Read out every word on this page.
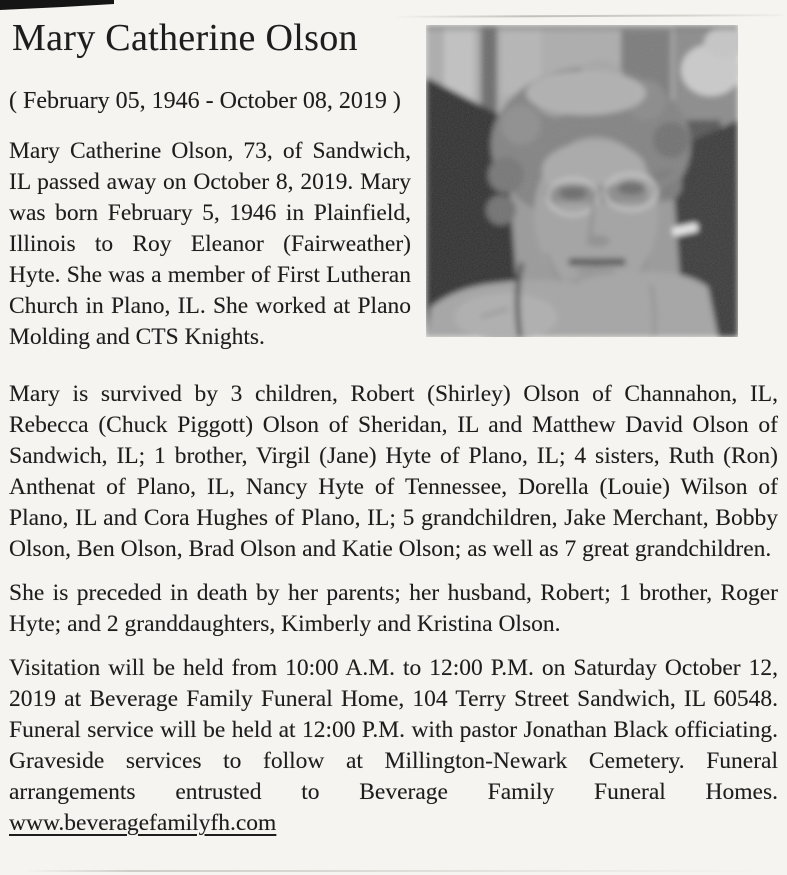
Mary Catherine Olson

( February 05, 1946 - October 08, 2019 )

Mary Catherine Olson, 73, of Sandwich, IL passed away on October 8, 2019. Mary was born February 5, 1946 in Plainfield, Illinois to Roy Eleanor (Fairweather) Hyte. She was a member of First Lutheran Church in Plano, IL. She worked at Plano Molding and CTS Knights.

Mary is survived by 3 children, Robert (Shirley) Olson of Channahon, IL, Rebecca (Chuck Piggott) Olson of Sheridan, IL and Matthew David Olson of Sandwich, IL; 1 brother, Virgil (Jane) Hyte of Plano, IL; 4 sisters, Ruth (Ron) Anthenat of Plano, IL, Nancy Hyte of Tennessee, Dorella (Louie) Wilson of Plano, IL and Cora Hughes of Plano, IL; 5 grandchildren, Jake Merchant, Bobby Olson, Ben Olson, Brad Olson and Katie Olson; as well as 7 great grandchildren.

She is preceded in death by her parents; her husband, Robert; 1 brother, Roger Hyte; and 2 granddaughters, Kimberly and Kristina Olson.

Visitation will be held from 10:00 A.M. to 12:00 P.M. on Saturday October 12, 2019 at Beverage Family Funeral Home, 104 Terry Street Sandwich, IL 60548. Funeral service will be held at 12:00 P.M. with pastor Jonathan Black officiating. Graveside services to follow at Millington-Newark Cemetery. Funeral arrangements entrusted to Beverage Family Funeral Homes. www.beveragefamilyfh.com
